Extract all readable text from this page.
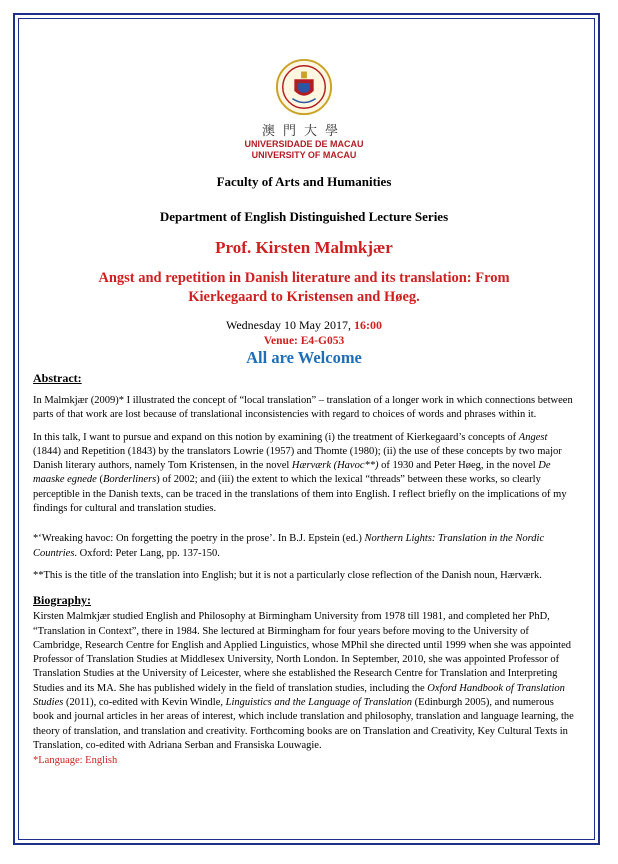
澳門大學
UNIVERSIDADE DE MACAU
UNIVERSITY OF MACAU
Faculty of Arts and Humanities
Department of English Distinguished Lecture Series
Prof. Kirsten Malmkjær
Angst and repetition in Danish literature and its translation: From
Kierkegaard to Kristensen and Høeg.
Wednesday 10 May 2017, 16:00
Venue: E4-G053
All are Welcome
Abstract:

In Malmkjær (2009)* I illustrated the concept of “local translation” – translation of a longer work in which connections between parts of that work are lost because of translational inconsistencies with regard to choices of words and phrases within it.

In this talk, I want to pursue and expand on this notion by examining (i) the treatment of Kierkegaard’s concepts of Angest (1844) and Repetition (1843) by the translators Lowrie (1957) and Thomte (1980); (ii) the use of these concepts by two major Danish literary authors, namely Tom Kristensen, in the novel Hærværk (Havoc**) of 1930 and Peter Høeg, in the novel De maaske egnede (Borderliners) of 2002; and (iii) the extent to which the lexical “threads” between these works, so clearly perceptible in the Danish texts, can be traced in the translations of them into English. I reflect briefly on the implications of my findings for cultural and translation studies.

*‘Wreaking havoc: On forgetting the poetry in the prose’. In B.J. Epstein (ed.) Northern Lights: Translation in the Nordic Countries. Oxford: Peter Lang, pp. 137-150.

**This is the title of the translation into English; but it is not a particularly close reflection of the Danish noun, Hærværk.

Biography:

Kirsten Malmkjær studied English and Philosophy at Birmingham University from 1978 till 1981, and completed her PhD, “Translation in Context”, there in 1984. She lectured at Birmingham for four years before moving to the University of Cambridge, Research Centre for English and Applied Linguistics, whose MPhil she directed until 1999 when she was appointed Professor of Translation Studies at Middlesex University, North London. In September, 2010, she was appointed Professor of Translation Studies at the University of Leicester, where she established the Research Centre for Translation and Interpreting Studies and its MA. She has published widely in the field of translation studies, including the Oxford Handbook of Translation Studies (2011), co-edited with Kevin Windle, Linguistics and the Language of Translation (Edinburgh 2005), and numerous book and journal articles in her areas of interest, which include translation and philosophy, translation and language learning, the theory of translation, and translation and creativity. Forthcoming books are on Translation and Creativity, Key Cultural Texts in Translation, co-edited with Adriana Serban and Fransiska Louwagie.

*Language: English
